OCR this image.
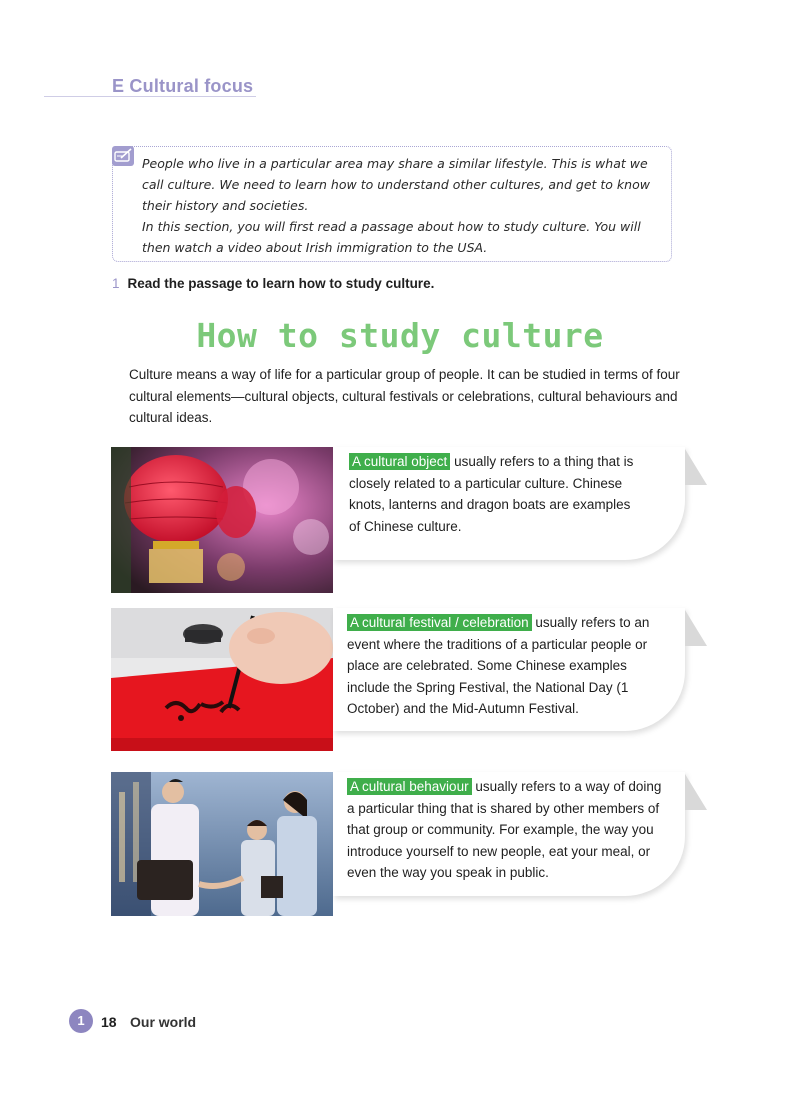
E Cultural focus

People who live in a particular area may share a similar lifestyle. This is what we call culture. We need to learn how to understand other cultures, and get to know their history and societies.

In this section, you will first read a passage about how to study culture. You will then watch a video about Irish immigration to the USA.

1 Read the passage to learn how to study culture.
How to study culture
Culture means a way of life for a particular group of people. It can be studied in terms of four cultural elements—cultural objects, cultural festivals or celebrations, cultural behaviours and cultural ideas.
A cultural object usually refers to a thing that is closely related to a particular culture. Chinese knots, lanterns and dragon boats are examples of Chinese culture.
A cultural festival / celebration usually refers to an event where the traditions of a particular people or place are celebrated. Some Chinese examples include the Spring Festival, the National Day (1 October) and the Mid-Autumn Festival.
A cultural behaviour usually refers to a way of doing a particular thing that is shared by other members of that group or community. For example, the way you introduce yourself to new people, eat your meal, or even the way you speak in public.
1	18 Our world
